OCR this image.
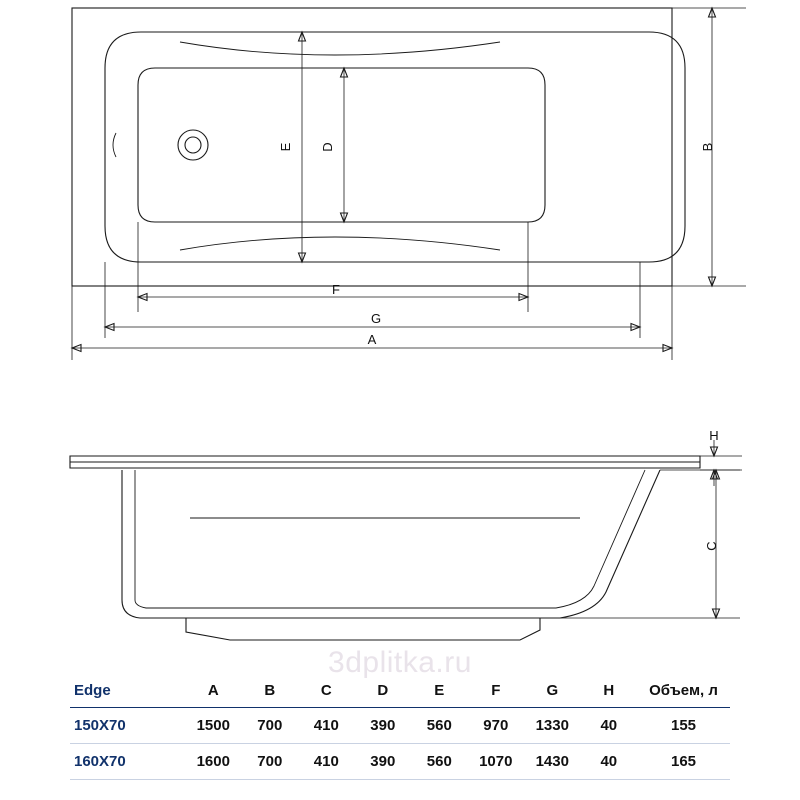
B
A
G
F
E D
H
C
3dplitka.ru
Edge	A	B	C	D	E	F	G	H	Объем, л
150X70	1500	700	410	390	560	970	1330	40	155
160X70	1600	700	410	390	560	1070	1430	40	165
